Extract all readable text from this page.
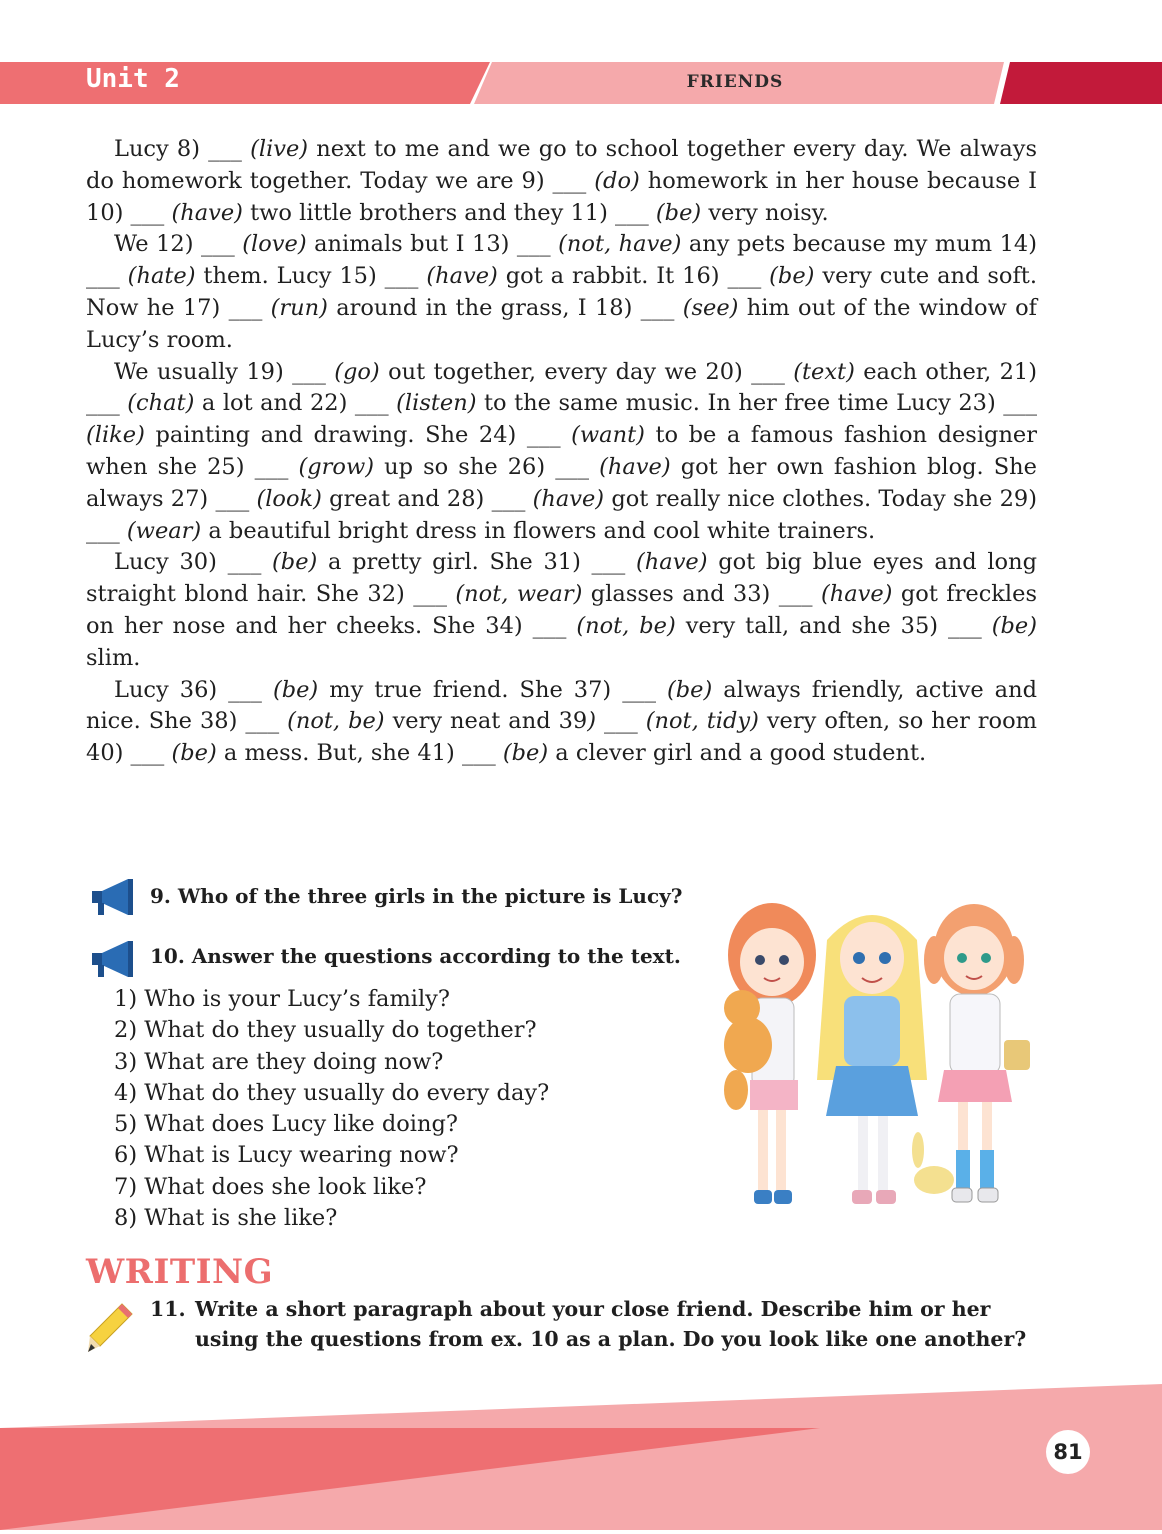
Unit 2	FRIENDS

Lucy 8) ___ (live) next to me and we go to school together every day. We always do homework together. Today we are 9) ___ (do) homework in her house because I 10) ___ (have) two little brothers and they 11) ___ (be) very noisy.

We 12) ___ (love) animals but I 13) ___ (not, have) any pets because my mum 14) ___ (hate) them. Lucy 15) ___ (have) got a rabbit. It 16) ___ (be) very cute and soft. Now he 17) ___ (run) around in the grass, I 18) ___ (see) him out of the window of Lucy’s room.

We usually 19) ___ (go) out together, every day we 20) ___ (text) each other, 21) ___ (chat) a lot and 22) ___ (listen) to the same music. In her free time Lucy 23) ___ (like) painting and drawing. She 24) ___ (want) to be a famous fashion designer when she 25) ___ (grow) up so she 26) ___ (have) got her own fashion blog. She always 27) ___ (look) great and 28) ___ (have) got really nice clothes. Today she 29) ___ (wear) a beautiful bright dress in flowers and cool white trainers.

Lucy 30) ___ (be) a pretty girl. She 31) ___ (have) got big blue eyes and long straight blond hair. She 32) ___ (not, wear) glasses and 33) ___ (have) got freckles on her nose and her cheeks. She 34) ___ (not, be) very tall, and she 35) ___ (be) slim.

Lucy 36) ___ (be) my true friend. She 37) ___ (be) always friendly, active and nice. She 38) ___ (not, be) very neat and 39) ___ (not, tidy) very often, so her room 40) ___ (be) a mess. But, she 41) ___ (be) a clever girl and a good student.

9. Who of the three girls in the picture is Lucy?
10. Answer the questions according to the text.
1) Who is your Lucy’s family?
2) What do they usually do together?
3) What are they doing now?
4) What do they usually do every day?
5) What does Lucy like doing?
6) What is Lucy wearing now?
7) What does she look like?
8) What is she like?
WRITING
11. Write a short paragraph about your close friend. Describe him or her
using the questions from ex. 10 as a plan. Do you look like one another?
81
